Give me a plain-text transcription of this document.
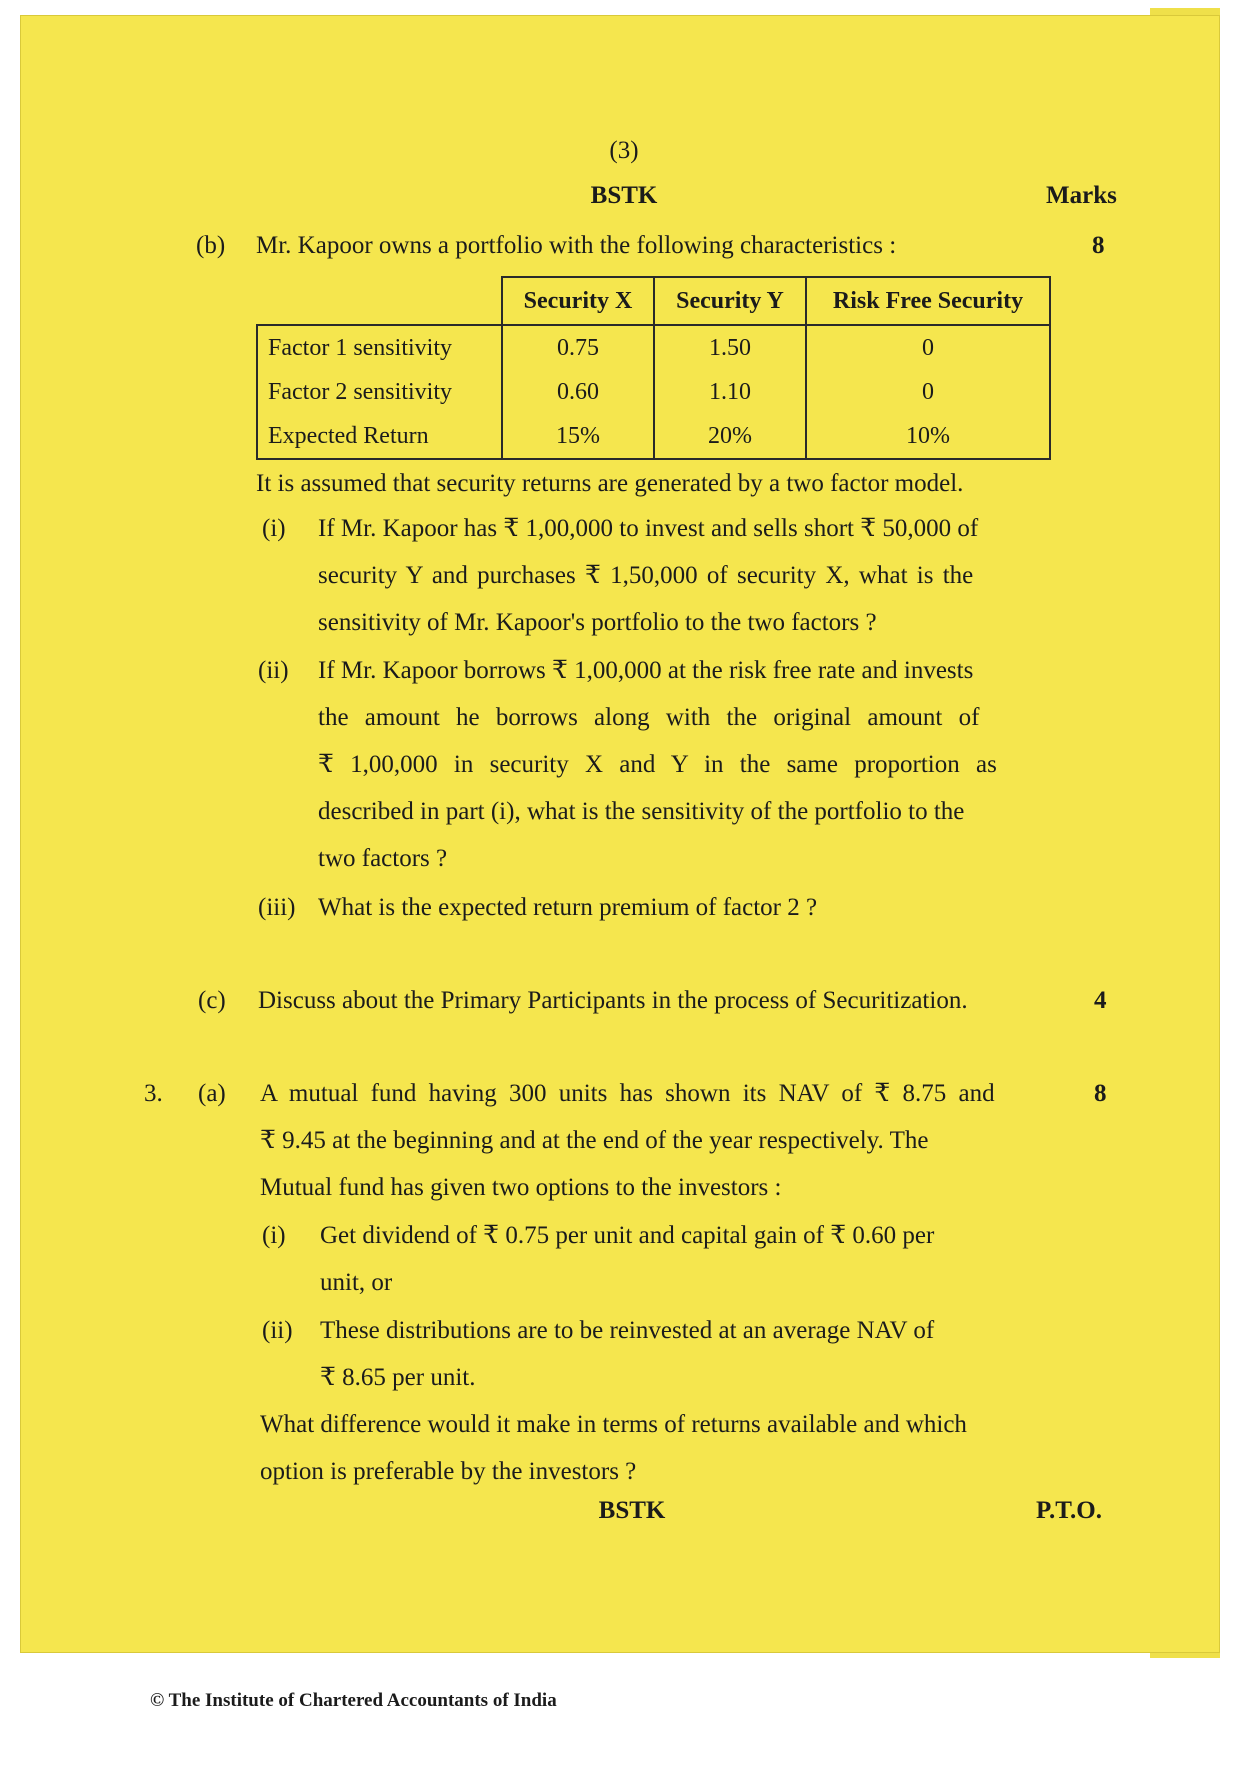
(3)
BSTK	Marks
(b) Mr. Kapoor owns a portfolio with the following characteristics :	8
	Security X	Security Y	Risk Free Security
Factor 1 sensitivity	0.75	1.50	0
Factor 2 sensitivity	0.60	1.10	0
Expected Return	15%	20%	10%
It is assumed that security returns are generated by a two factor model.
(i) If Mr. Kapoor has ₹ 1,00,000 to invest and sells short ₹ 50,000 of
security Y and purchases ₹ 1,50,000 of security X, what is the
sensitivity of Mr. Kapoor's portfolio to the two factors ?
(ii) If Mr. Kapoor borrows ₹ 1,00,000 at the risk free rate and invests
the amount he borrows along with the original amount of
₹ 1,00,000 in security X and Y in the same proportion as
described in part (i), what is the sensitivity of the portfolio to the
two factors ?
(iii) What is the expected return premium of factor 2 ?
(c) Discuss about the Primary Participants in the process of Securitization.	4
3. (a)	8
A mutual fund having 300 units has shown its NAV of ₹ 8.75 and
₹ 9.45 at the beginning and at the end of the year respectively. The
Mutual fund has given two options to the investors :
(i) Get dividend of ₹ 0.75 per unit and capital gain of ₹ 0.60 per
unit, or
(ii) These distributions are to be reinvested at an average NAV of
₹ 8.65 per unit.
What difference would it make in terms of returns available and which
option is preferable by the investors ?
BSTK	P.T.O.
© The Institute of Chartered Accountants of India
